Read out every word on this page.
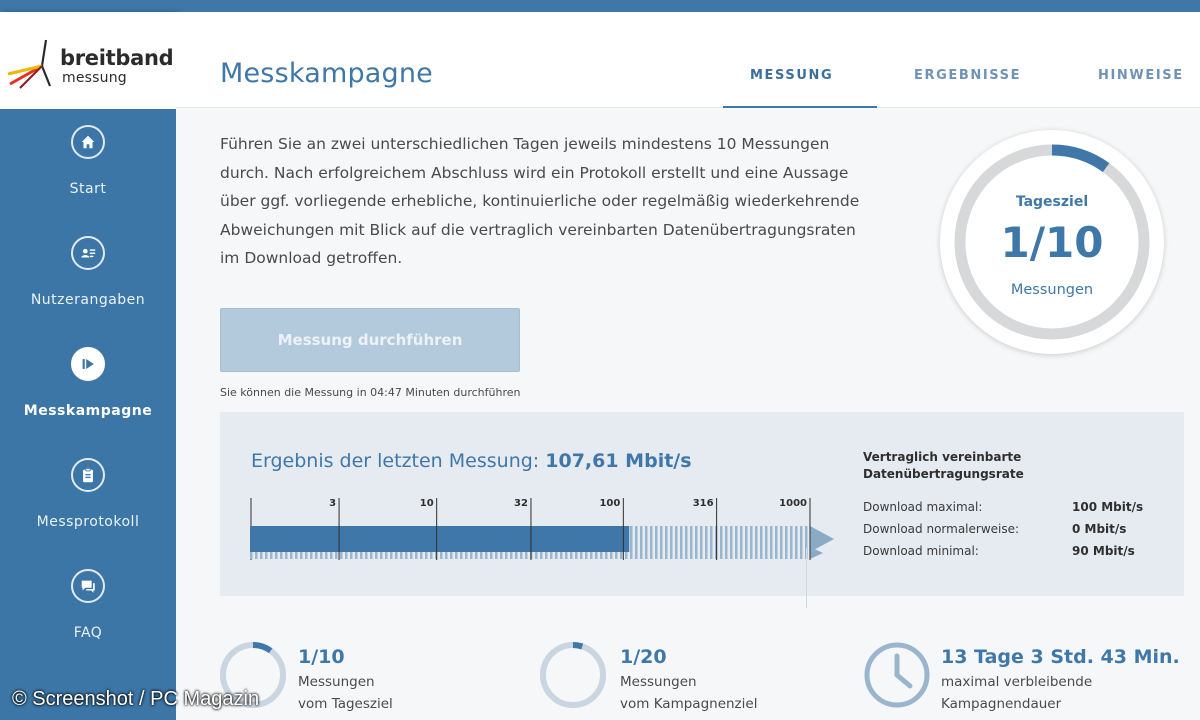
breitband
messung
Start
Nutzerangaben
Messkampagne
Messprotokoll
FAQ
© Screenshot / PC Magazin
Messkampagne	MESSUNG	ERGEBNISSE	HINWEISE

Führen Sie an zwei unterschiedlichen Tagen jeweils mindestens 10 Messungen durch. Nach erfolgreichem Abschluss wird ein Protokoll erstellt und eine Aussage über ggf. vorliegende erhebliche, kontinuierliche oder regelmäßig wiederkehrende Abweichungen mit Blick auf die vertraglich vereinbarten Datenübertragungsraten im Download getroffen.

Messung durchführen
Sie können die Messung in 04:47 Minuten durchführen
Tagesziel
1/10
Messungen
Ergebnis der letzten Messung: 107,61 Mbit/s
3	10	32	100	316	1000
Vertraglich vereinbarte
Datenübertragungsrate
Download maximal:	100 Mbit/s
Download normalerweise:	0 Mbit/s
Download minimal:	90 Mbit/s
1/10
Messungen
vom Tagesziel
1/20
Messungen
vom Kampagnenziel
13 Tage 3 Std. 43 Min.
maximal verbleibende
Kampagnendauer
